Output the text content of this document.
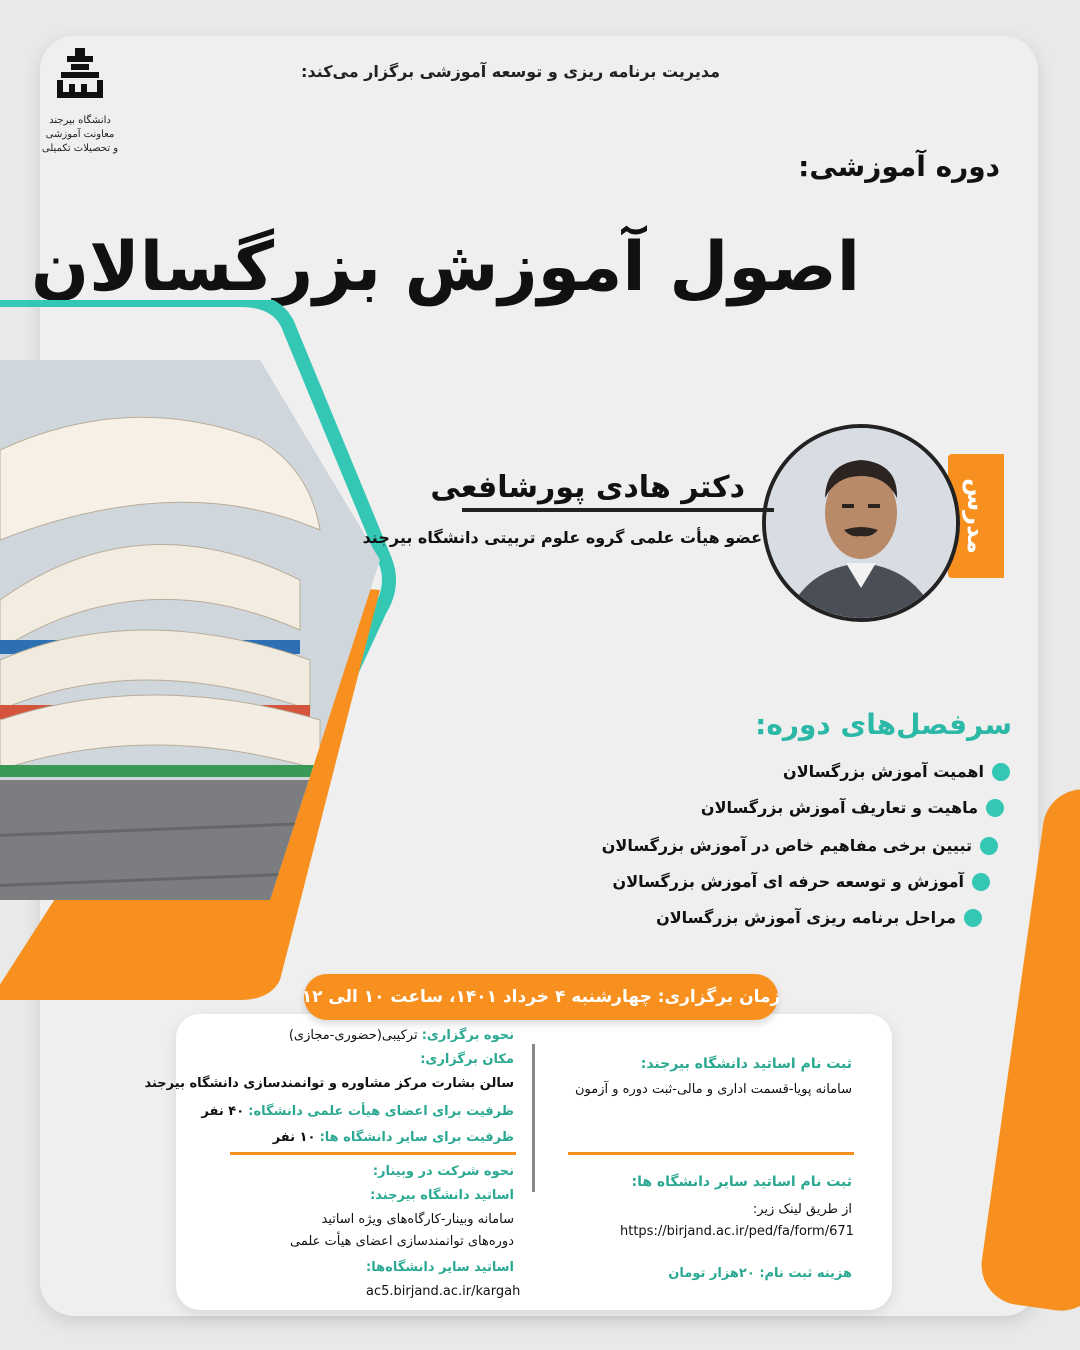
مدیریت برنامه ریزی و توسعه آموزشی برگزار می‌کند:
دوره آموزشی:
اصول آموزش بزرگسالان
دانشگاه بیرجند
معاونت آموزشی
و تحصیلات تکمیلی
مدرس
دکتر هادی پورشافعی
عضو هیأت علمی گروه علوم تربیتی دانشگاه بیرجند
سرفصل‌های دوره:
اهمیت آموزش بزرگسالان
ماهیت و تعاریف آموزش بزرگسالان
تبیین برخی مفاهیم خاص در آموزش بزرگسالان
آموزش و توسعه حرفه ای آموزش بزرگسالان
مراحل برنامه ریزی آموزش بزرگسالان
ثبت نام اساتید دانشگاه بیرجند:
سامانه پویا-قسمت اداری و مالی-ثبت دوره و آزمون
ثبت نام اساتید سایر دانشگاه ها:
از طریق لینک زیر:
https://birjand.ac.ir/ped/fa/form/671
هزینه ثبت نام: ۲۰هزار تومان
نحوه برگزاری: ترکیبی(حضوری-مجازی)
مکان برگزاری:
سالن بشارت مرکز مشاوره و توانمندسازی دانشگاه بیرجند
ظرفیت برای اعضای هیأت علمی دانشگاه: ۴۰ نفر
ظرفیت برای سایر دانشگاه ها: ۱۰ نفر
نحوه شرکت در وبینار:
اساتید دانشگاه بیرجند:
سامانه وبینار-کارگاه‌های ویژه اساتید
دوره‌های توانمندسازی اعضای هیأت علمی
اساتید سایر دانشگاه‌ها:
ac5.birjand.ac.ir/kargah
زمان برگزاری: چهارشنبه ۴ خرداد ۱۴۰۱، ساعت ۱۰ الی ۱۲
